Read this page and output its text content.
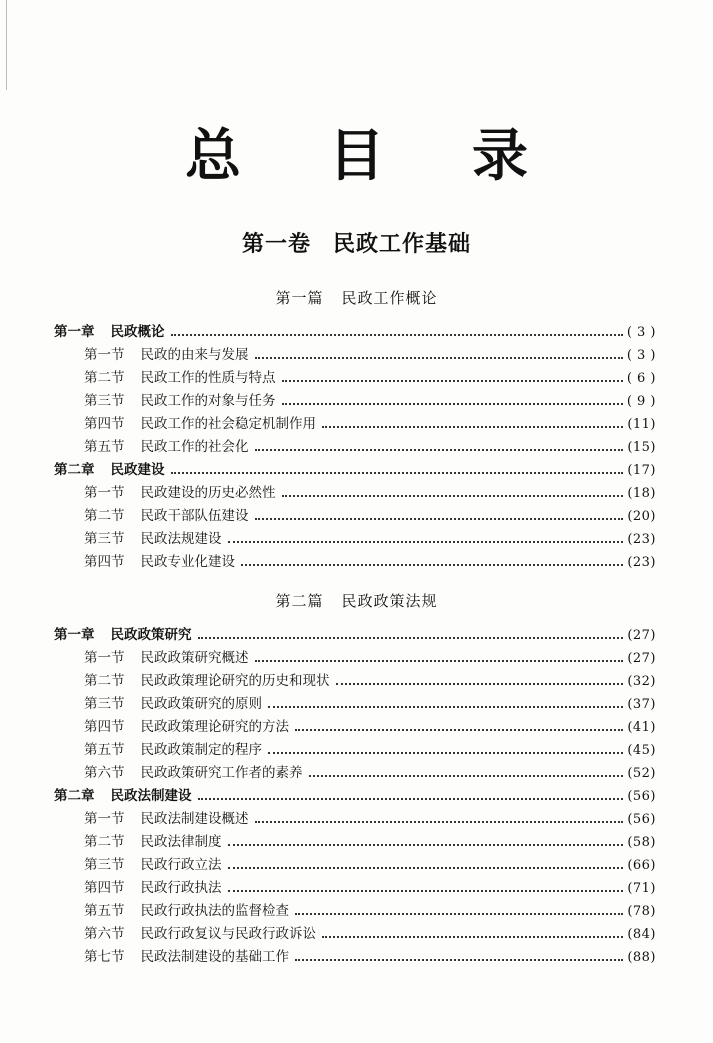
总 目 录
第一卷 民政工作基础
第一篇 民政工作概论
第一章 民政概论	( 3 )
第一节 民政的由来与发展	( 3 )
第二节 民政工作的性质与特点	( 6 )
第三节 民政工作的对象与任务	( 9 )
第四节 民政工作的社会稳定机制作用	(11)
第五节 民政工作的社会化	(15)
第二章 民政建设	(17)
第一节 民政建设的历史必然性	(18)
第二节 民政干部队伍建设	(20)
第三节 民政法规建设	(23)
第四节 民政专业化建设	(23)
第二篇 民政政策法规
第一章 民政政策研究	(27)
第一节 民政政策研究概述	(27)
第二节 民政政策理论研究的历史和现状	(32)
第三节 民政政策研究的原则	(37)
第四节 民政政策理论研究的方法	(41)
第五节 民政政策制定的程序	(45)
第六节 民政政策研究工作者的素养	(52)
第二章 民政法制建设	(56)
第一节 民政法制建设概述	(56)
第二节 民政法律制度	(58)
第三节 民政行政立法	(66)
第四节 民政行政执法	(71)
第五节 民政行政执法的监督检查	(78)
第六节 民政行政复议与民政行政诉讼	(84)
第七节 民政法制建设的基础工作	(88)
